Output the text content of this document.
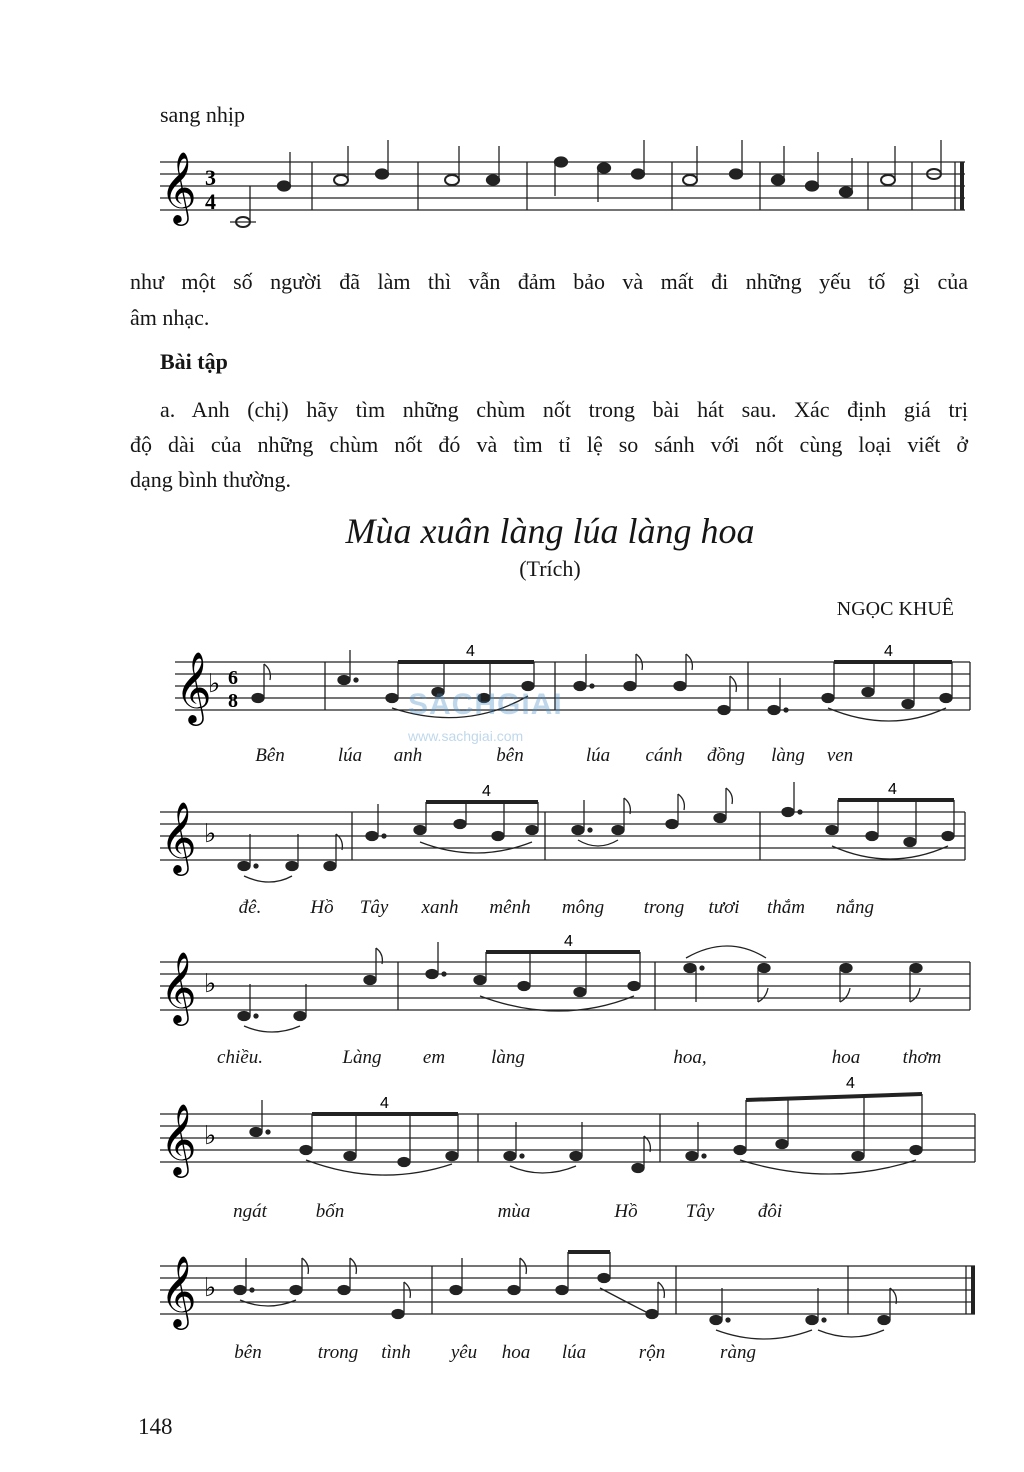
sang nhịp
𝄞 3
4
như một số người đã làm thì vẫn đảm bảo và mất đi những yếu tố gì của
âm nhạc.
Bài tập
a. Anh (chị) hãy tìm những chùm nốt trong bài hát sau. Xác định giá trị
độ dài của những chùm nốt đó và tìm tỉ lệ so sánh với nốt cùng loại viết ở
dạng bình thường.
Mùa xuân làng lúa làng hoa
(Trích)
NGỌC KHUÊ
𝄞
♭ 6
8
4	4
Bên	lúa anh	bên	lúa cánh đồng làng ven
SACHGIAI
www.sachgiai.com
𝄞 ♭
4	4
đê.	Hồ Tây xanh mênh mông trong tươi thắm nắng
𝄞 ♭
4
chiều.	Làng em làng	hoa,	hoa thơm
𝄞 ♭
4
4
ngát	bốn	mùa	Hồ	Tây đôi
𝄞 ♭
bên	trong tình yêu hoa lúa	rộn	ràng
148
